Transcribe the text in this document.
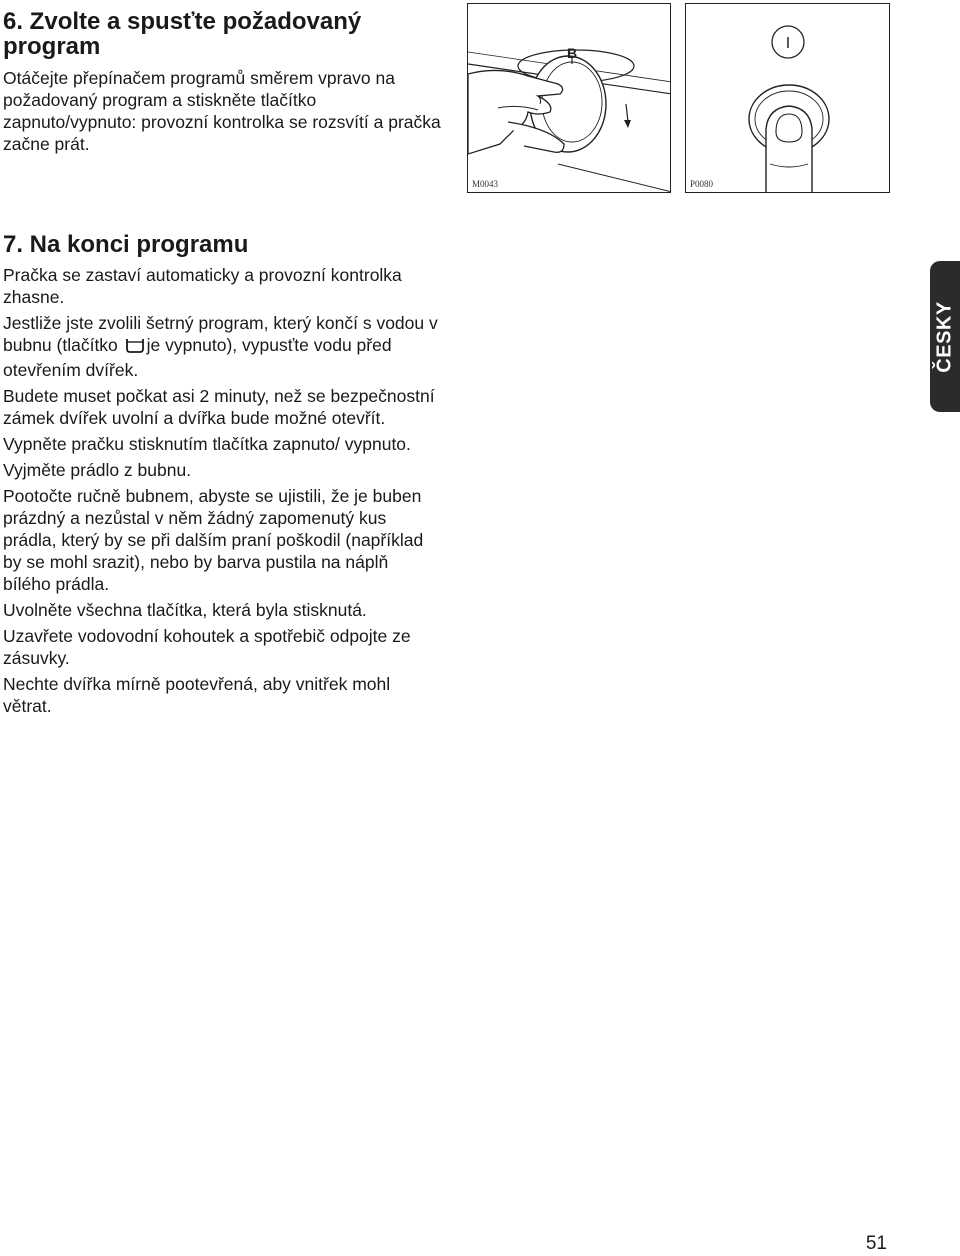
6. Zvolte a spusťte požadovaný program

Otáčejte přepínačem programů směrem vpravo na požadovaný program a stiskněte tlačítko zapnuto/vypnuto: provozní kontrolka se rozsvítí a pračka začne prát.

B
M0043
I
P0080
7. Na konci programu

Pračka se zastaví automaticky a provozní kontrolka zhasne.

Jestliže jste zvolili šetrný program, který končí s vodou v bubnu (tlačítko je vypnuto), vypusťte vodu před otevřením dvířek.

Budete muset počkat asi 2 minuty, než se bezpečnostní zámek dvířek uvolní a dvířka bude možné otevřít.

Vypněte pračku stisknutím tlačítka zapnuto/ vypnuto.

Vyjměte prádlo z bubnu.

Pootočte ručně bubnem, abyste se ujistili, že je buben prázdný a nezůstal v něm žádný zapomenutý kus prádla, který by se při dalším praní poškodil (například by se mohl srazit), nebo by barva pustila na náplň bílého prádla.

Uvolněte všechna tlačítka, která byla stisknutá.

Uzavřete vodovodní kohoutek a spotřebič odpojte ze zásuvky.

Nechte dvířka mírně pootevřená, aby vnitřek mohl větrat.

ČESKY
51
